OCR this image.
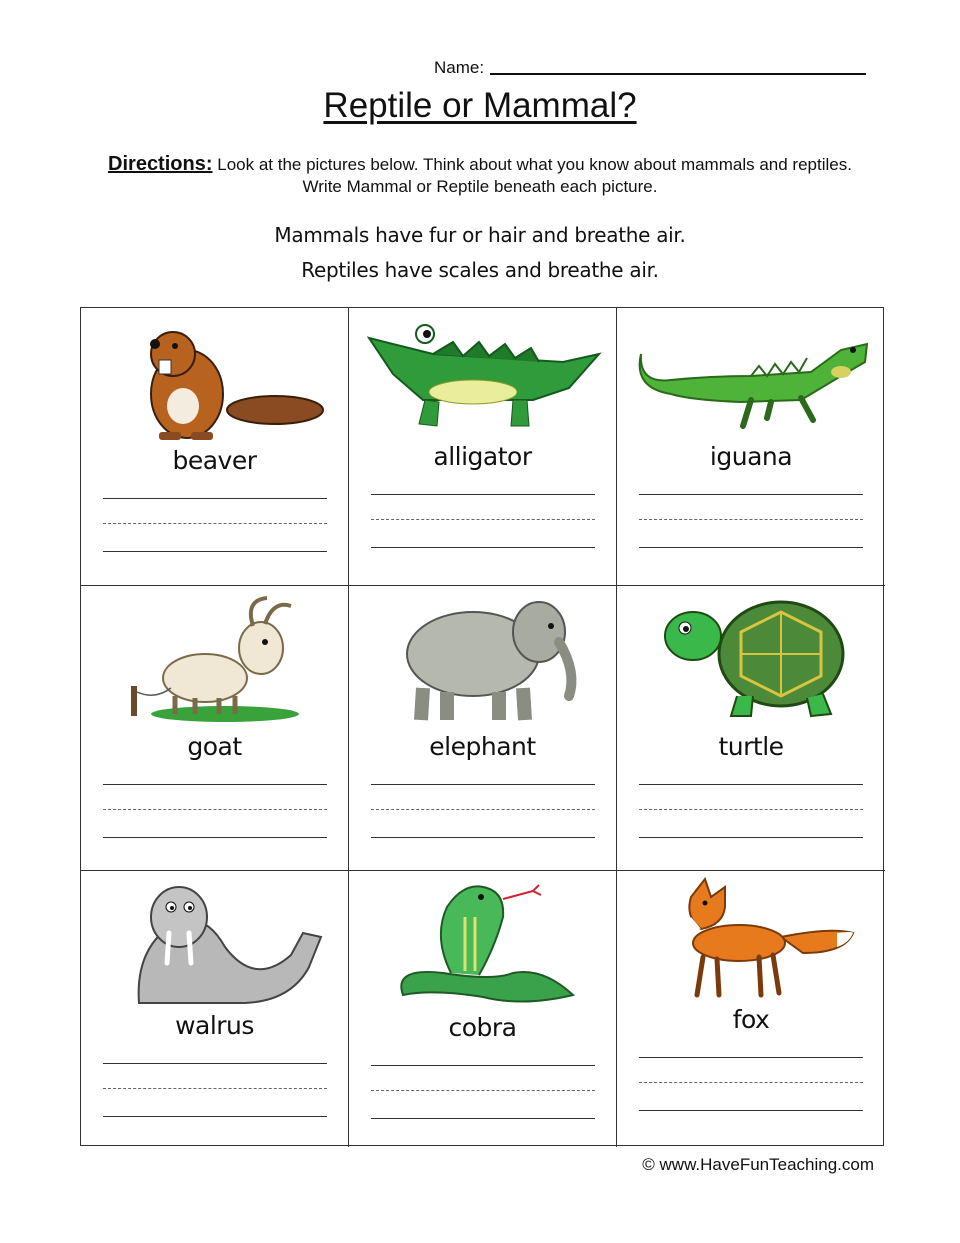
Name:
Reptile or Mammal?
Directions: Look at the pictures below. Think about what you know about mammals and reptiles.
Write Mammal or Reptile beneath each picture.
Mammals have fur or hair and breathe air.
Reptiles have scales and breathe air.
beaver	alligator	iguana
goat	elephant	turtle
walrus	cobra	fox
© www.HaveFunTeaching.com
